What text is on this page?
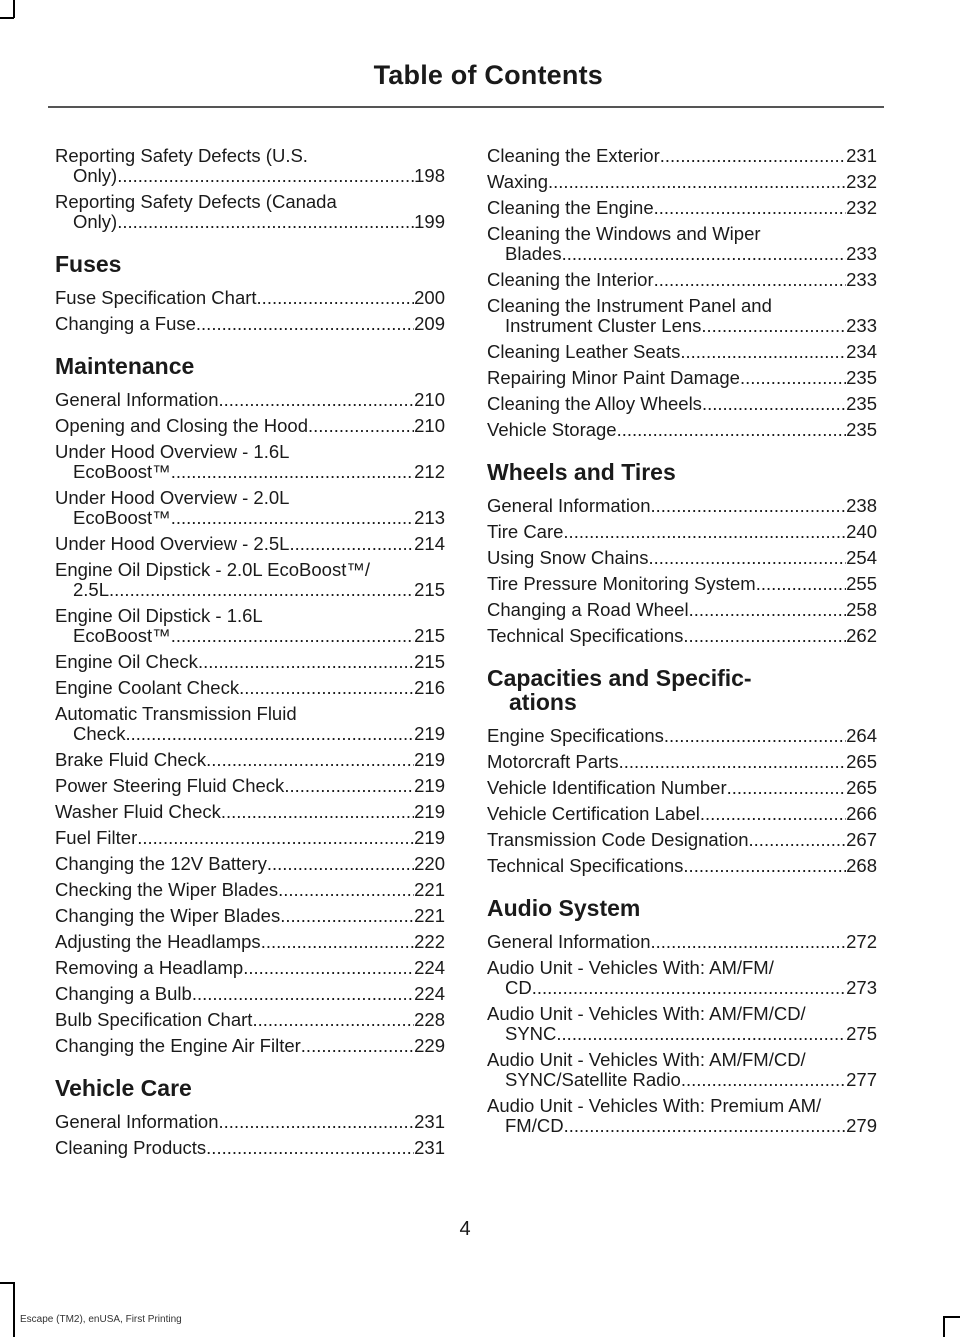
Table of Contents
Reporting Safety Defects (U.S.
Only) .....	198
Reporting Safety Defects (Canada
Only) .....	199
Fuses
Fuse Specification Chart .....	200
Changing a Fuse .....	209
Maintenance
General Information .....	210
Opening and Closing the Hood .....	210
Under Hood Overview - 1.6L
EcoBoost™ .....	212
Under Hood Overview - 2.0L
EcoBoost™ .....	213
Under Hood Overview - 2.5L .....	214
Engine Oil Dipstick - 2.0L EcoBoost™/
2.5L .....	215
Engine Oil Dipstick - 1.6L
EcoBoost™ .....	215
Engine Oil Check .....	215
Engine Coolant Check .....	216
Automatic Transmission Fluid
Check .....	219
Brake Fluid Check .....	219
Power Steering Fluid Check .....	219
Washer Fluid Check .....	219
Fuel Filter .....	219
Changing the 12V Battery .....	220
Checking the Wiper Blades .....	221
Changing the Wiper Blades .....	221
Adjusting the Headlamps .....	222
Removing a Headlamp .....	224
Changing a Bulb .....	224
Bulb Specification Chart .....	228
Changing the Engine Air Filter .....	229
Vehicle Care
General Information .....	231
Cleaning Products .....	231
Cleaning the Exterior .....	231
Waxing .....	232
Cleaning the Engine .....	232
Cleaning the Windows and Wiper
Blades .....	233
Cleaning the Interior .....	233
Cleaning the Instrument Panel and
Instrument Cluster Lens .....	233
Cleaning Leather Seats .....	234
Repairing Minor Paint Damage .....	235
Cleaning the Alloy Wheels .....	235
Vehicle Storage .....	235
Wheels and Tires
General Information .....	238
Tire Care .....	240
Using Snow Chains .....	254
Tire Pressure Monitoring System .....	255
Changing a Road Wheel .....	258
Technical Specifications .....	262
Capacities and Specific-
ations
Engine Specifications .....	264
Motorcraft Parts .....	265
Vehicle Identification Number .....	265
Vehicle Certification Label .....	266
Transmission Code Designation .....	267
Technical Specifications .....	268
Audio System
General Information .....	272
Audio Unit - Vehicles With: AM/FM/
CD .....	273
Audio Unit - Vehicles With: AM/FM/CD/
SYNC .....	275
Audio Unit - Vehicles With: AM/FM/CD/
SYNC/Satellite Radio .....	277
Audio Unit - Vehicles With: Premium AM/
FM/CD .....	279
4
Escape (TM2), enUSA, First Printing
